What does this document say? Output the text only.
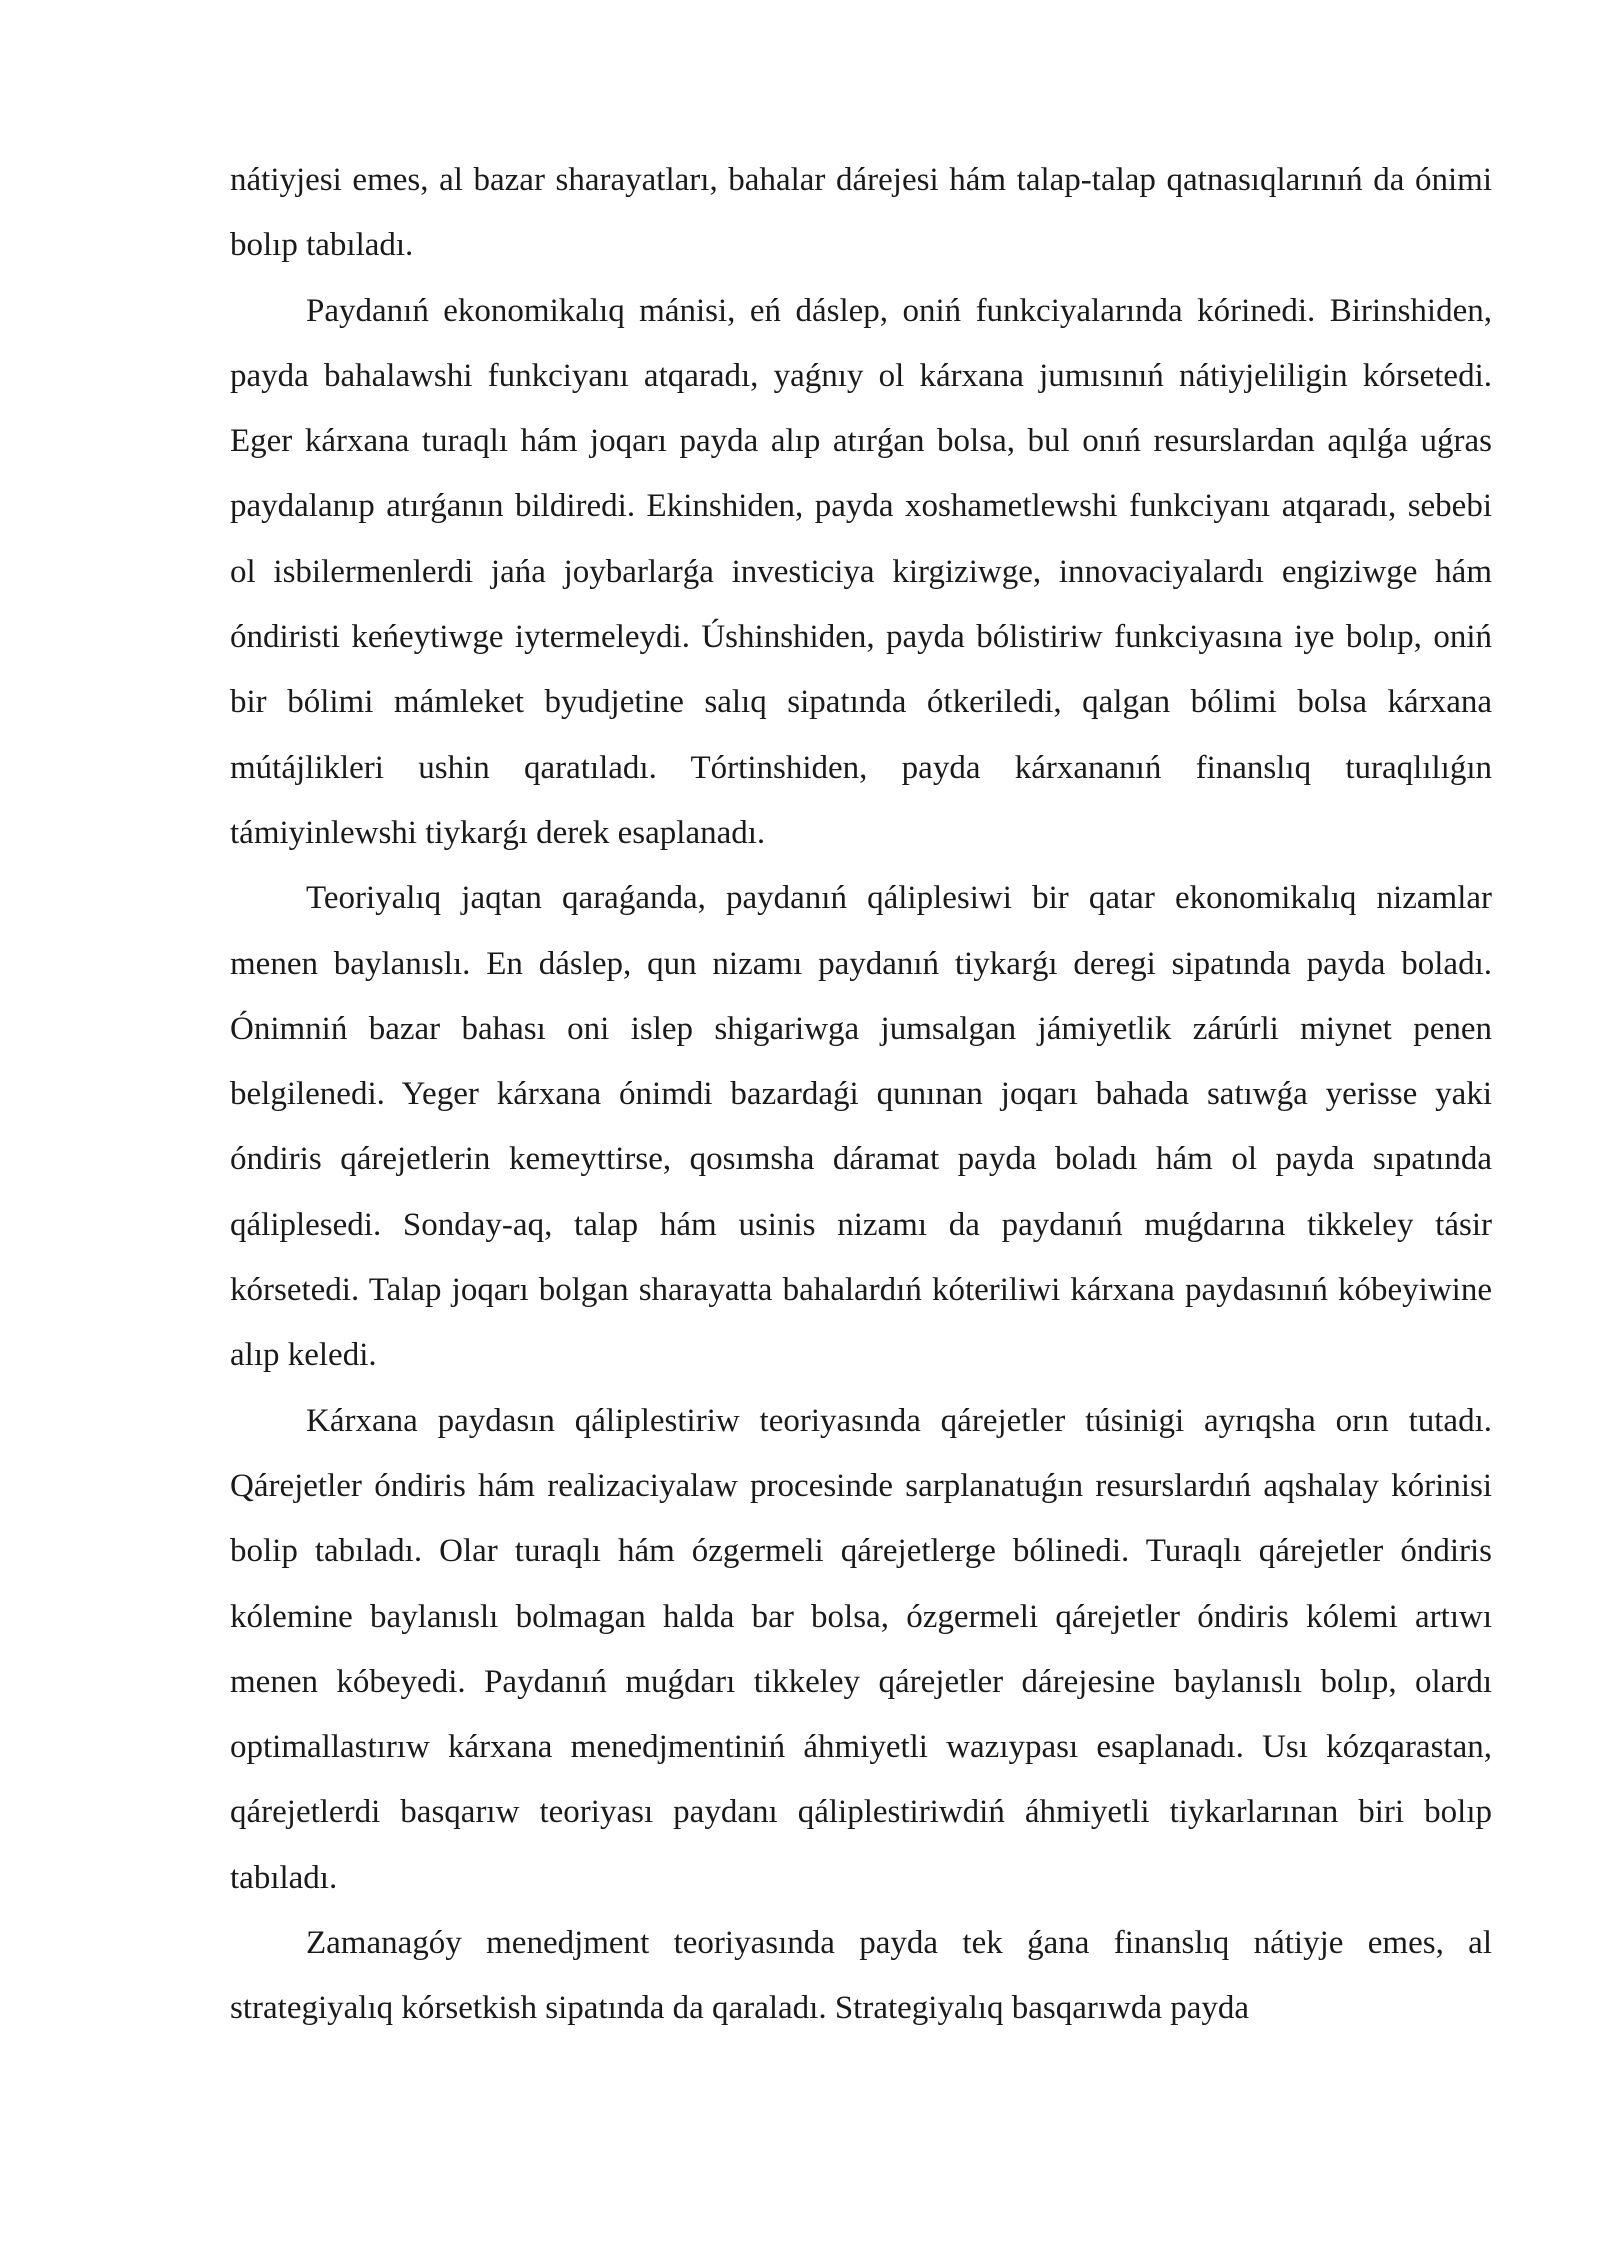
nátiyjesi emes, al bazar sharayatları, bahalar dárejesi hám talap-talap qatnasıqlarınıń da ónimi bolıp tabıladı.

Paydanıń ekonomikalıq mánisi, eń dáslep, oniń funkciyalarında kórinedi. Birinshiden, payda bahalawshi funkciyanı atqaradı, yaǵnıy ol kárxana jumısınıń nátiyjeliligin kórsetedi. Eger kárxana turaqlı hám joqarı payda alıp atırǵan bolsa, bul onıń resurslardan aqılǵa uǵras paydalanıp atırǵanın bildiredi. Ekinshiden, payda xoshametlewshi funkciyanı atqaradı, sebebi ol isbilermenlerdi jańa joybarlarǵa investiciya kirgiziwge, innovaciyalardı engiziwge hám óndiristi keńeytiwge iytermeleydi. Úshinshiden, payda bólistiriw funkciyasına iye bolıp, oniń bir bólimi mámleket byudjetine salıq sipatında ótkeriledi, qalgan bólimi bolsa kárxana mútájlikleri ushin qaratıladı. Tórtinshiden, payda kárxananıń finanslıq turaqlılıǵın támiyinlewshi tiykarǵı derek esaplanadı.

Teoriyalıq jaqtan qaraǵanda, paydanıń qáliplesiwi bir qatar ekonomikalıq nizamlar menen baylanıslı. En dáslep, qun nizamı paydanıń tiykarǵı deregi sipatında payda boladı. Ónimniń bazar bahası oni islep shigariwga jumsalgan jámiyetlik zárúrli miynet penen belgilenedi. Yeger kárxana ónimdi bazardaǵi qunınan joqarı bahada satıwǵa yerisse yaki óndiris qárejetlerin kemeyttirse, qosımsha dáramat payda boladı hám ol payda sıpatında qáliplesedi. Sonday-aq, talap hám usinis nizamı da paydanıń muǵdarına tikkeley tásir kórsetedi. Talap joqarı bolgan sharayatta bahalardıń kóteriliwi kárxana paydasınıń kóbeyiwine alıp keledi.

Kárxana paydasın qáliplestiriw teoriyasında qárejetler túsinigi ayrıqsha orın tutadı. Qárejetler óndiris hám realizaciyalaw procesinde sarplanatuǵın resurslardıń aqshalay kórinisi bolip tabıladı. Olar turaqlı hám ózgermeli qárejetlerge bólinedi. Turaqlı qárejetler óndiris kólemine baylanıslı bolmagan halda bar bolsa, ózgermeli qárejetler óndiris kólemi artıwı menen kóbeyedi. Paydanıń muǵdarı tikkeley qárejetler dárejesine baylanıslı bolıp, olardı optimallastırıw kárxana menedjmentiniń áhmiyetli wazıypası esaplanadı. Usı kózqarastan, qárejetlerdi basqarıw teoriyası paydanı qáliplestiriwdiń áhmiyetli tiykarlarınan biri bolıp tabıladı.

Zamanagóy menedjment teoriyasında payda tek ǵana finanslıq nátiyje emes, al strategiyalıq kórsetkish sipatında da qaraladı. Strategiyalıq basqarıwda payda
